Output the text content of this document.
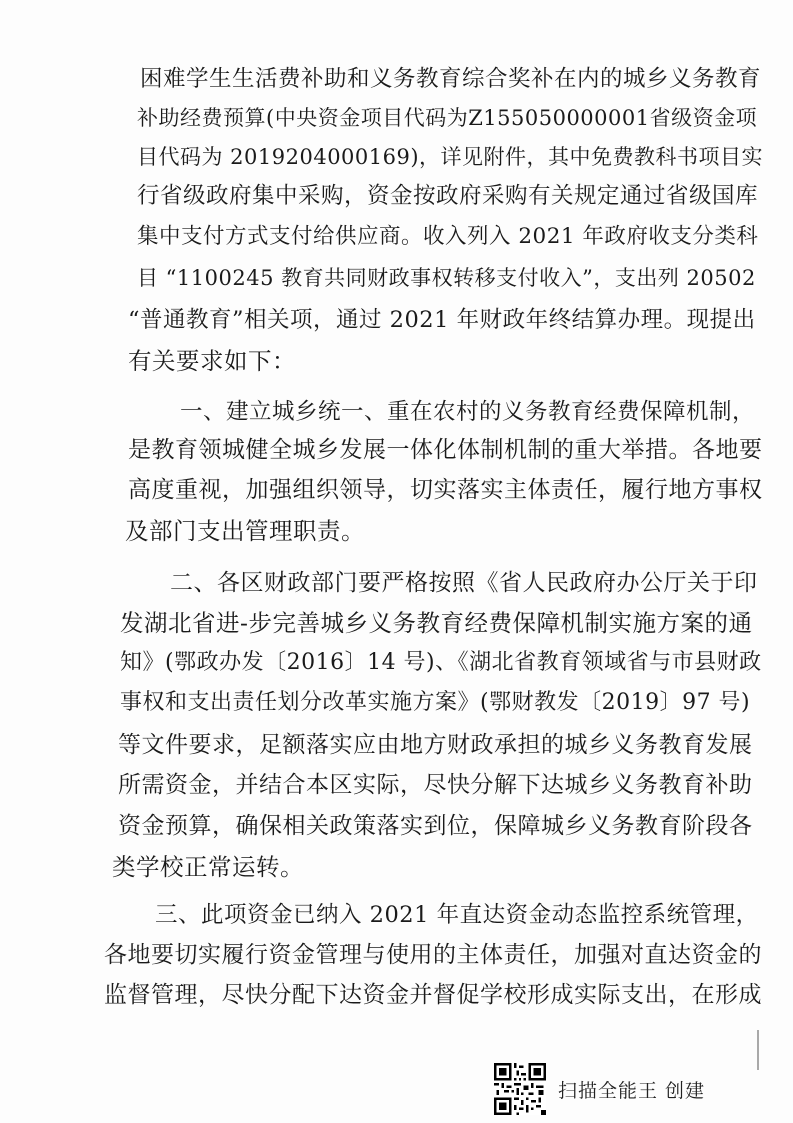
困难学生生活费补助和义务教育综合奖补在内的城乡义务教育
补助经费预算(中央资金项目代码为Z155050000001省级资金项
目代码为 2019204000169)，详见附件，其中免费教科书项目实
行省级政府集中采购，资金按政府采购有关规定通过省级国库
集中支付方式支付给供应商。收入列入 2021 年政府收支分类科
目 “1100245 教育共同财政事权转移支付收入”，支出列 20502
“普通教育”相关项，通过 2021 年财政年终结算办理。现提出
有关要求如下：
一、建立城乡统一、重在农村的义务教育经费保障机制，
是教育领城健全城乡发展一体化体制机制的重大举措。各地要
高度重视，加强组织领导，切实落实主体责任，履行地方事权
及部门支出管理职责。
二、各区财政部门要严格按照《省人民政府办公厅关于印
发湖北省进-步完善城乡义务教育经费保障机制实施方案的通
知》(鄂政办发〔2016〕14 号)、《湖北省教育领域省与市县财政
事权和支出责任划分改革实施方案》(鄂财教发〔2019〕97 号)
等文件要求，足额落实应由地方财政承担的城乡义务教育发展
所需资金，并结合本区实际，尽快分解下达城乡义务教育补助
资金预算，确保相关政策落实到位，保障城乡义务教育阶段各
类学校正常运转。
三、此项资金已纳入 2021 年直达资金动态监控系统管理，
各地要切实履行资金管理与使用的主体责任，加强对直达资金的
监督管理，尽快分配下达资金并督促学校形成实际支出，在形成
扫描全能王 创建
